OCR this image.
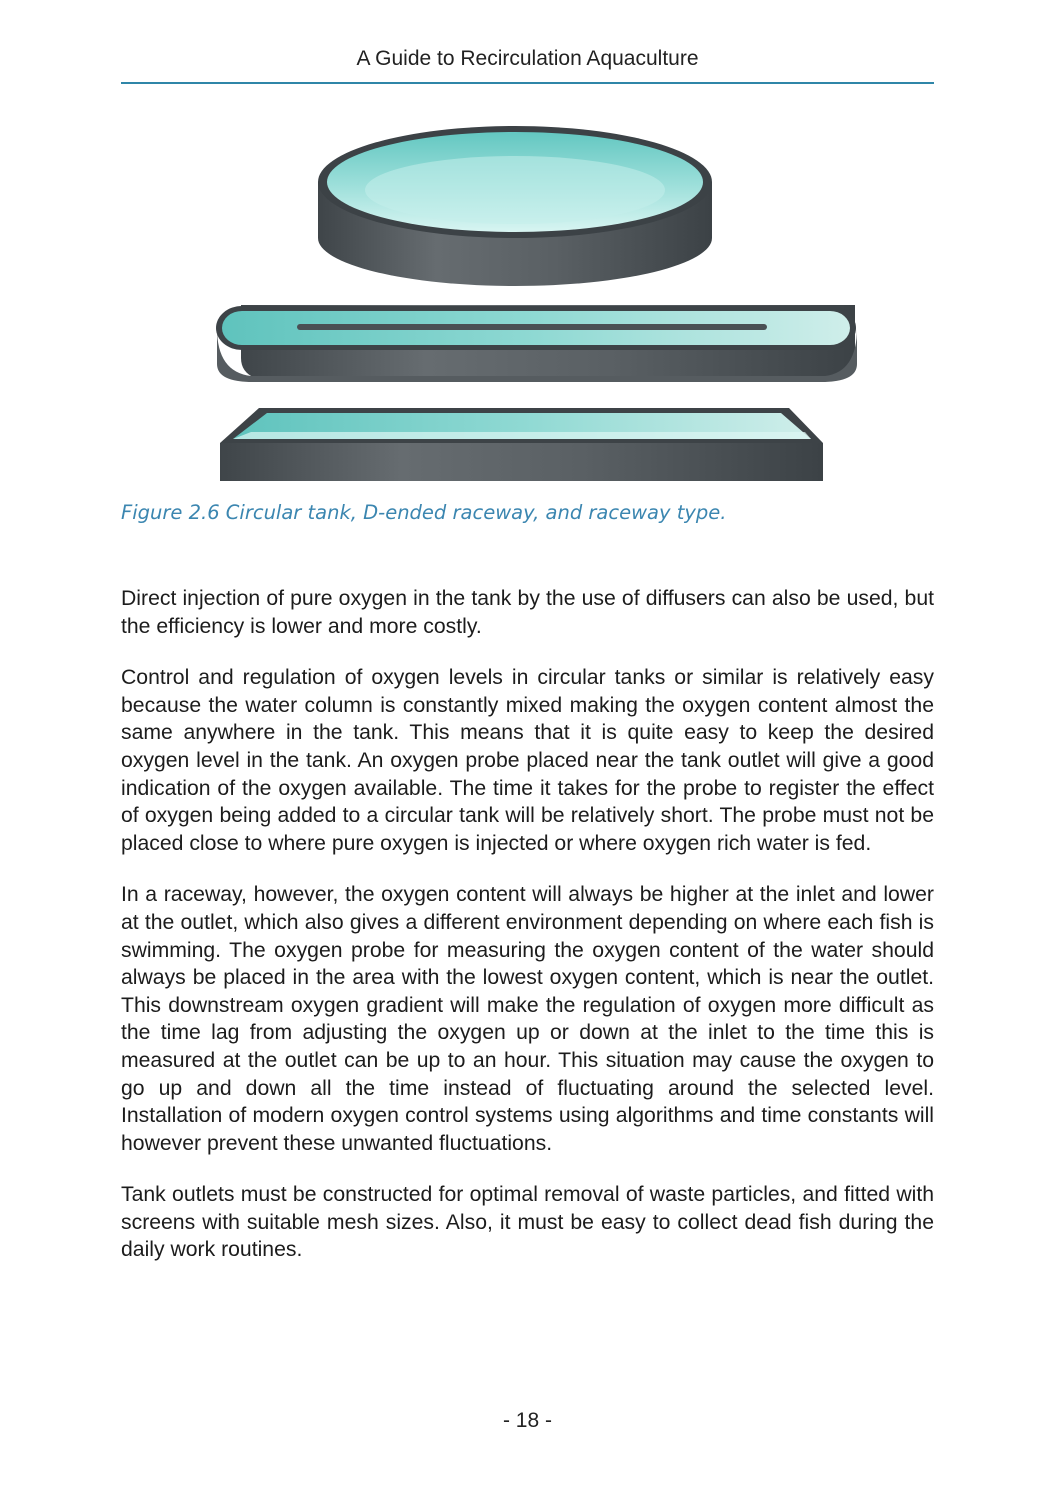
A Guide to Recirculation Aquaculture
Figure 2.6 Circular tank, D-ended raceway, and raceway type.

Direct injection of pure oxygen in the tank by the use of diffusers can also be used, but the efficiency is lower and more costly.

Control and regulation of oxygen levels in circular tanks or similar is relatively easy because the water column is constantly mixed making the oxygen content almost the same anywhere in the tank. This means that it is quite easy to keep the desired oxygen level in the tank. An oxygen probe placed near the tank outlet will give a good indication of the oxygen available. The time it takes for the probe to register the effect of oxygen being added to a circular tank will be relatively short. The probe must not be placed close to where pure oxygen is injected or where oxygen rich water is fed.

In a raceway, however, the oxygen content will always be higher at the inlet and lower at the outlet, which also gives a different environment depending on where each fish is swimming. The oxygen probe for measuring the oxygen content of the water should always be placed in the area with the lowest oxygen content, which is near the outlet. This downstream oxygen gradient will make the regulation of oxygen more difficult as the time lag from adjusting the oxygen up or down at the inlet to the time this is measured at the outlet can be up to an hour. This situation may cause the oxygen to go up and down all the time instead of fluctuating around the selected level. Installation of modern oxygen control systems using algorithms and time constants will however prevent these unwanted fluctuations.

Tank outlets must be constructed for optimal removal of waste particles, and fitted with screens with suitable mesh sizes. Also, it must be easy to collect dead fish during the daily work routines.

- 18 -
